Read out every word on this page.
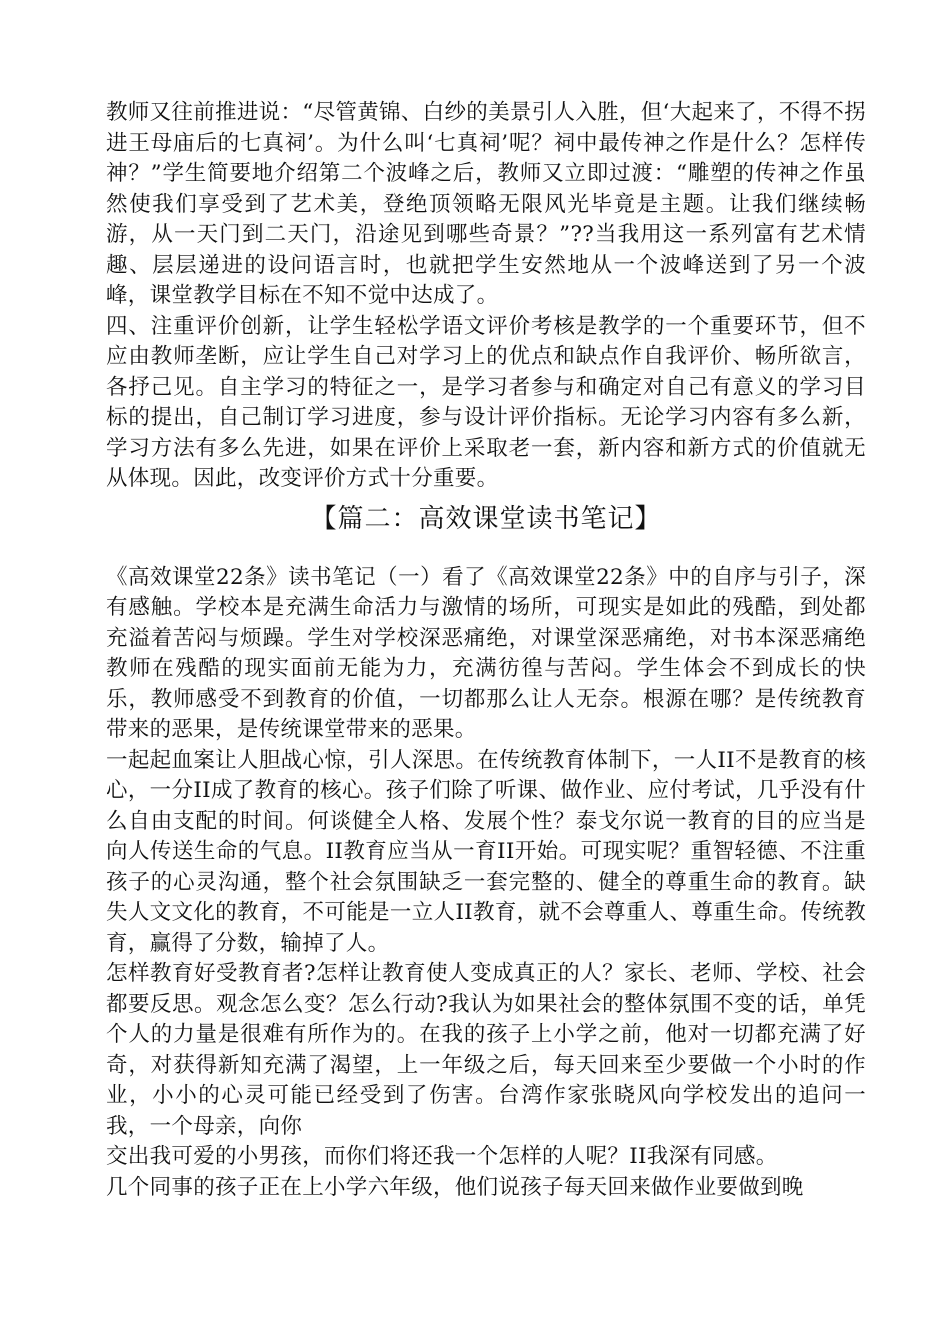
教师又往前推进说：“尽管黄锦、白纱的美景引人入胜，但‘大起来了，不得不拐进王母庙后的七真祠’。为什么叫‘七真祠’呢？祠中最传神之作是什么？怎样传神？”学生简要地介绍第二个波峰之后，教师又立即过渡：“雕塑的传神之作虽然使我们享受到了艺术美，登绝顶领略无限风光毕竟是主题。让我们继续畅游，从一天门到二天门，沿途见到哪些奇景？”??当我用这一系列富有艺术情趣、层层递进的设问语言时，也就把学生安然地从一个波峰送到了另一个波峰，课堂教学目标在不知不觉中达成了。

四、注重评价创新，让学生轻松学语文评价考核是教学的一个重要环节，但不应由教师垄断，应让学生自己对学习上的优点和缺点作自我评价、畅所欲言，各抒己见。自主学习的特征之一，是学习者参与和确定对自己有意义的学习目标的提出，自己制订学习进度，参与设计评价指标。无论学习内容有多么新，学习方法有多么先进，如果在评价上采取老一套，新内容和新方式的价值就无从体现。因此，改变评价方式十分重要。

【篇二：高效课堂读书笔记】

《高效课堂22条》读书笔记（一）看了《高效课堂22条》中的自序与引子，深有感触。学校本是充满生命活力与激情的场所，可现实是如此的残酷，到处都充溢着苦闷与烦躁。学生对学校深恶痛绝，对课堂深恶痛绝，对书本深恶痛绝教师在残酷的现实面前无能为力，充满彷徨与苦闷。学生体会不到成长的快乐，教师感受不到教育的价值，一切都那么让人无奈。根源在哪？是传统教育带来的恶果，是传统课堂带来的恶果。

一起起血案让人胆战心惊，引人深思。在传统教育体制下，一人II不是教育的核心，一分II成了教育的核心。孩子们除了听课、做作业、应付考试，几乎没有什么自由支配的时间。何谈健全人格、发展个性？泰戈尔说一教育的目的应当是向人传送生命的气息。II教育应当从一育II开始。可现实呢？重智轻德、不注重孩子的心灵沟通，整个社会氛围缺乏一套完整的、健全的尊重生命的教育。缺失人文文化的教育，不可能是一立人II教育，就不会尊重人、尊重生命。传统教育，赢得了分数，输掉了人。

怎样教育好受教育者?怎样让教育使人变成真正的人？家长、老师、学校、社会都要反思。观念怎么变？怎么行动?我认为如果社会的整体氛围不变的话，单凭个人的力量是很难有所作为的。在我的孩子上小学之前，他对一切都充满了好奇，对获得新知充满了渴望，上一年级之后，每天回来至少要做一个小时的作业，小小的心灵可能已经受到了伤害。台湾作家张晓风向学校发出的追问一我，一个母亲，向你

交出我可爱的小男孩，而你们将还我一个怎样的人呢？II我深有同感。

几个同事的孩子正在上小学六年级，他们说孩子每天回来做作业要做到晚
